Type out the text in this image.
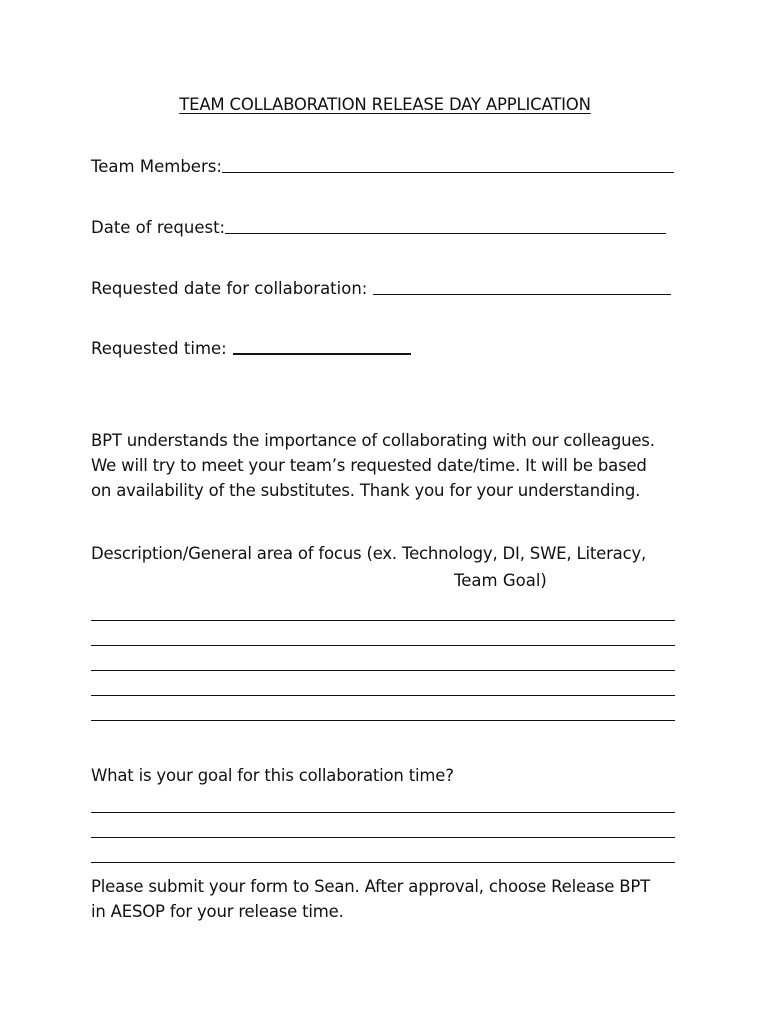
TEAM COLLABORATION RELEASE DAY APPLICATION
Team Members:
Date of request:
Requested date for collaboration:
Requested time:
BPT understands the importance of collaborating with our colleagues.
We will try to meet your team’s requested date/time. It will be based
on availability of the substitutes. Thank you for your understanding.
Description/General area of focus (ex. Technology, DI, SWE, Literacy,
Team Goal)
What is your goal for this collaboration time?
Please submit your form to Sean. After approval, choose Release BPT
in AESOP for your release time.
